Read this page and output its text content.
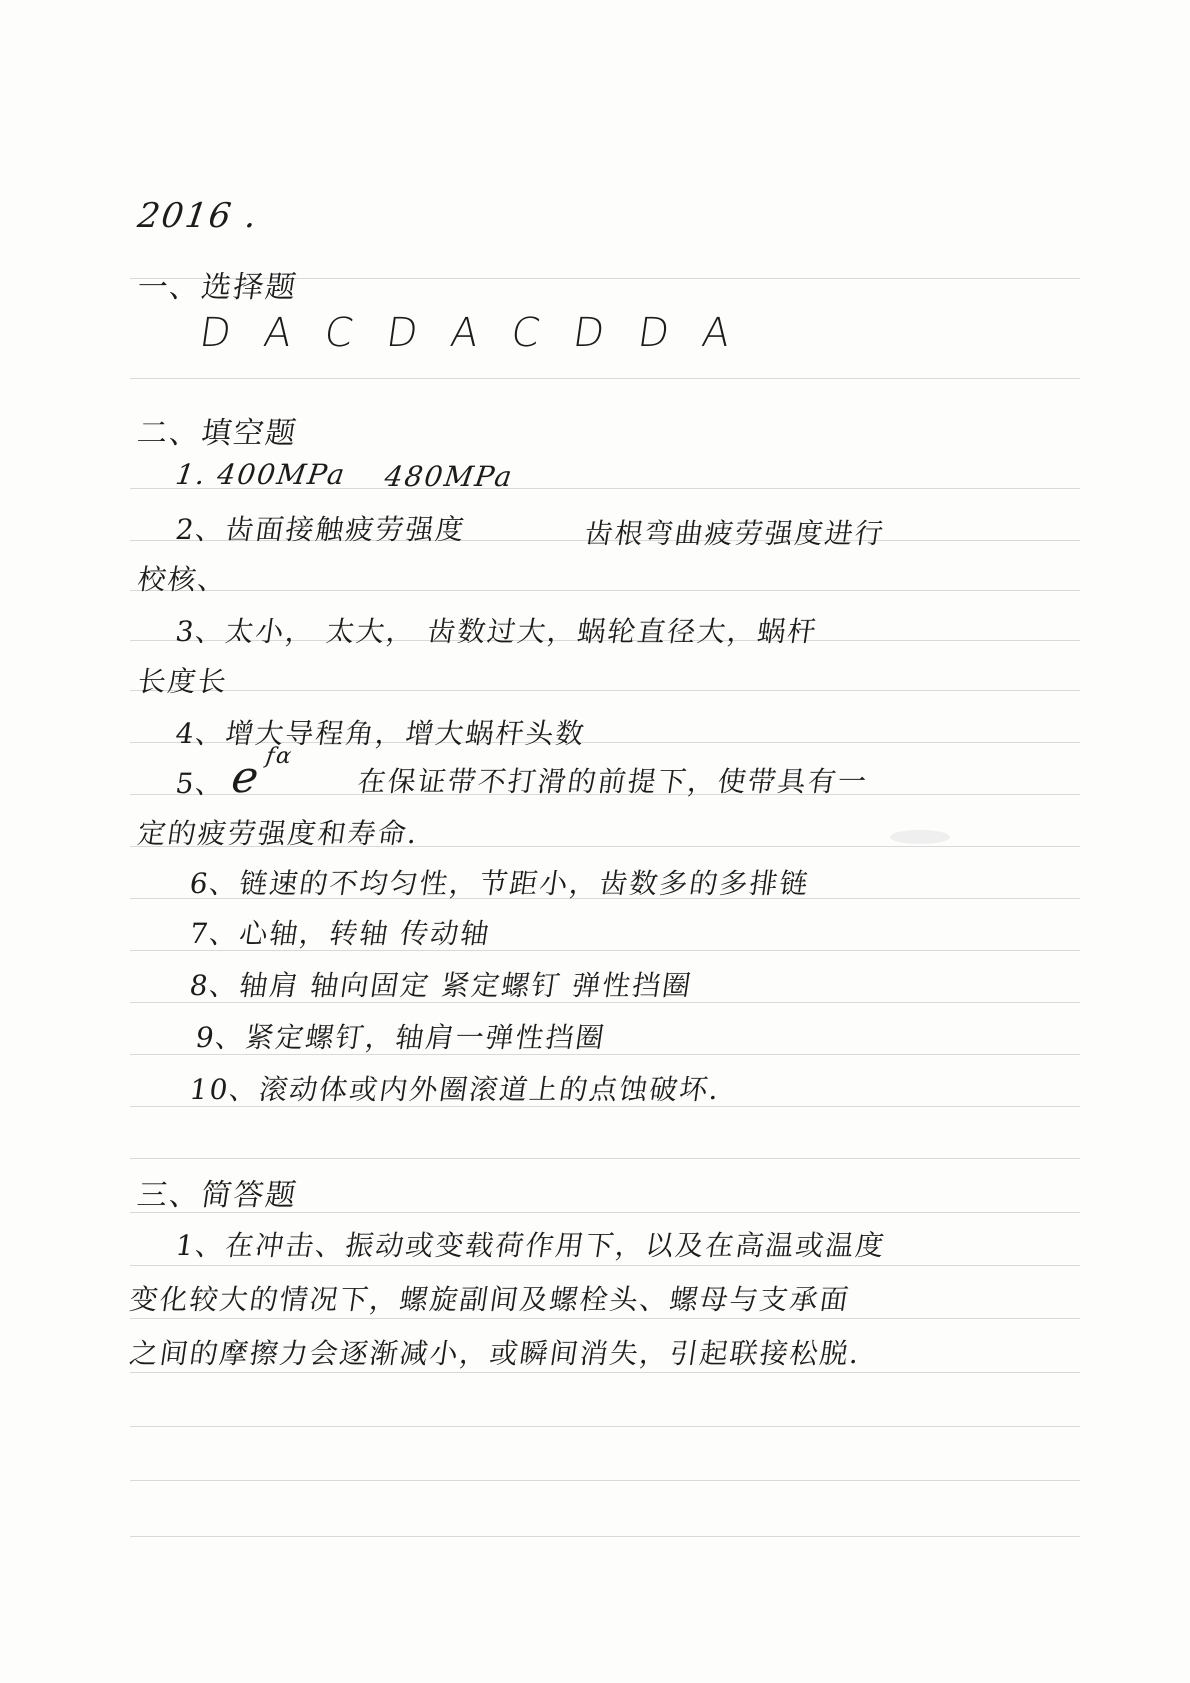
2016 .
一、选择题
DACDACDDA
二、填空题
1. 400MPa 480MPa
2、齿面接触疲劳强度	齿根弯曲疲劳强度进行
校核、
3、太小， 太大， 齿数过大，蜗轮直径大，蜗杆
长度长
4、增大导程角，增大蜗杆头数
5、 e fα
在保证带不打滑的前提下，使带具有一
定的疲劳强度和寿命.
6、链速的不均匀性，节距小，齿数多的多排链
7、心轴，转轴 传动轴
8、轴肩 轴向固定 紧定螺钉 弹性挡圈
9、紧定螺钉，轴肩一弹性挡圈
10、滚动体或内外圈滚道上的点蚀破坏.
三、简答题
1、在冲击、振动或变载荷作用下，以及在高温或温度
变化较大的情况下，螺旋副间及螺栓头、螺母与支承面
之间的摩擦力会逐渐减小，或瞬间消失，引起联接松脱.
